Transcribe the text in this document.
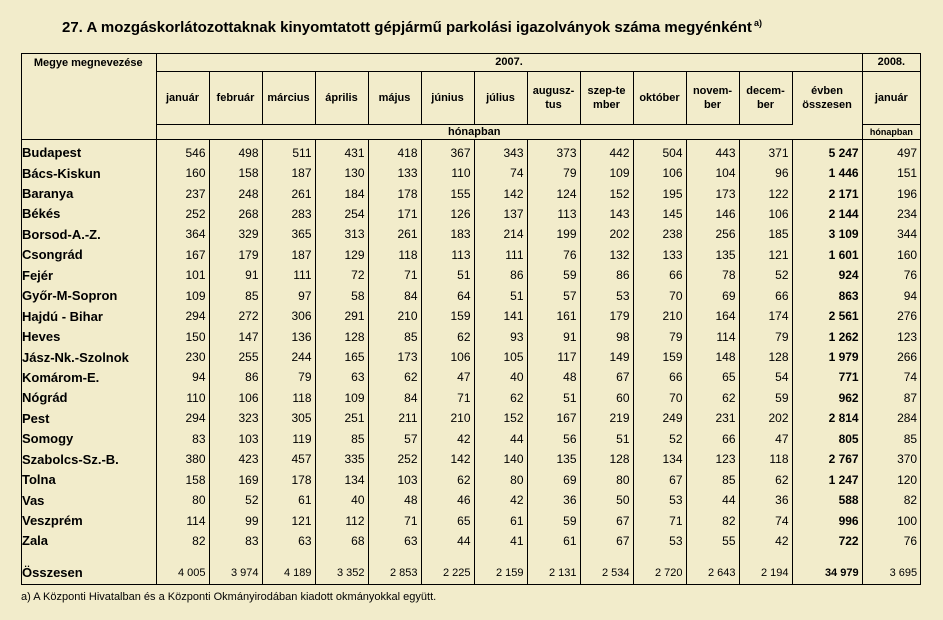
27. A mozgáskorlátozottaknak kinyomtatott gépjármű parkolási igazolványok száma megyénként $^{a)}$
Megye megnevezése	2007.													2008.
	január	február	március	április	május	június	július	augusz-tus	szep-tember	október	novem-ber	decem-ber	évben összesen	január
	hónapban													hónapban
Budapest	546	498	511	431	418	367	343	373	442	504	443	371	5 247	497
Bács-Kiskun	160	158	187	130	133	110	74	79	109	106	104	96	1 446	151
Baranya	237	248	261	184	178	155	142	124	152	195	173	122	2 171	196
Békés	252	268	283	254	171	126	137	113	143	145	146	106	2 144	234
Borsod-A.-Z.	364	329	365	313	261	183	214	199	202	238	256	185	3 109	344
Csongrád	167	179	187	129	118	113	111	76	132	133	135	121	1 601	160
Fejér	101	91	111	72	71	51	86	59	86	66	78	52	924	76
Győr-M-Sopron	109	85	97	58	84	64	51	57	53	70	69	66	863	94
Hajdú - Bihar	294	272	306	291	210	159	141	161	179	210	164	174	2 561	276
Heves	150	147	136	128	85	62	93	91	98	79	114	79	1 262	123
Jász-Nk.-Szolnok	230	255	244	165	173	106	105	117	149	159	148	128	1 979	266
Komárom-E.	94	86	79	63	62	47	40	48	67	66	65	54	771	74
Nógrád	110	106	118	109	84	71	62	51	60	70	62	59	962	87
Pest	294	323	305	251	211	210	152	167	219	249	231	202	2 814	284
Somogy	83	103	119	85	57	42	44	56	51	52	66	47	805	85
Szabolcs-Sz.-B.	380	423	457	335	252	142	140	135	128	134	123	118	2 767	370
Tolna	158	169	178	134	103	62	80	69	80	67	85	62	1 247	120
Vas	80	52	61	40	48	46	42	36	50	53	44	36	588	82
Veszprém	114	99	121	112	71	65	61	59	67	71	82	74	996	100
Zala	82	83	63	68	63	44	41	61	67	53	55	42	722	76

Összesen	4 005	3 974	4 189	3 352	2 853	2 225	2 159	2 131	2 534	2 720	2 643	2 194	34 979	3 695
a) A Központi Hivatalban és a Központi Okmányirodában kiadott okmányokkal együtt.
